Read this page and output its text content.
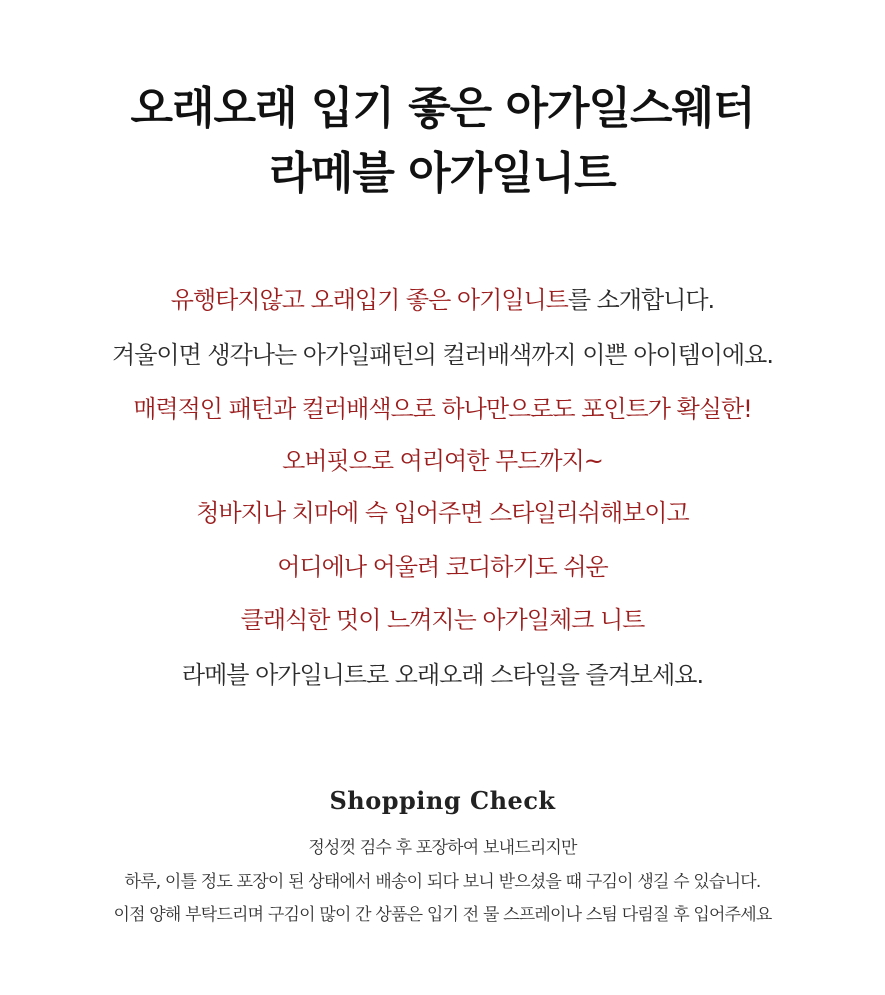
오래오래 입기 좋은 아가일스웨터
라메블 아가일니트

유행타지않고 오래입기 좋은 아기일니트를 소개합니다.

겨울이면 생각나는 아가일패턴의 컬러배색까지 이쁜 아이템이에요.

매력적인 패턴과 컬러배색으로 하나만으로도 포인트가 확실한!

오버핏으로 여리여한 무드까지~

청바지나 치마에 슥 입어주면 스타일리쉬해보이고

어디에나 어울려 코디하기도 쉬운

클래식한 멋이 느껴지는 아가일체크 니트

라메블 아가일니트로 오래오래 스타일을 즐겨보세요.

Shopping Check

정성껏 검수 후 포장하여 보내드리지만

하루, 이틀 정도 포장이 된 상태에서 배송이 되다 보니 받으셨을 때 구김이 생길 수 있습니다.

이점 양해 부탁드리며 구김이 많이 간 상품은 입기 전 물 스프레이나 스팀 다림질 후 입어주세요
